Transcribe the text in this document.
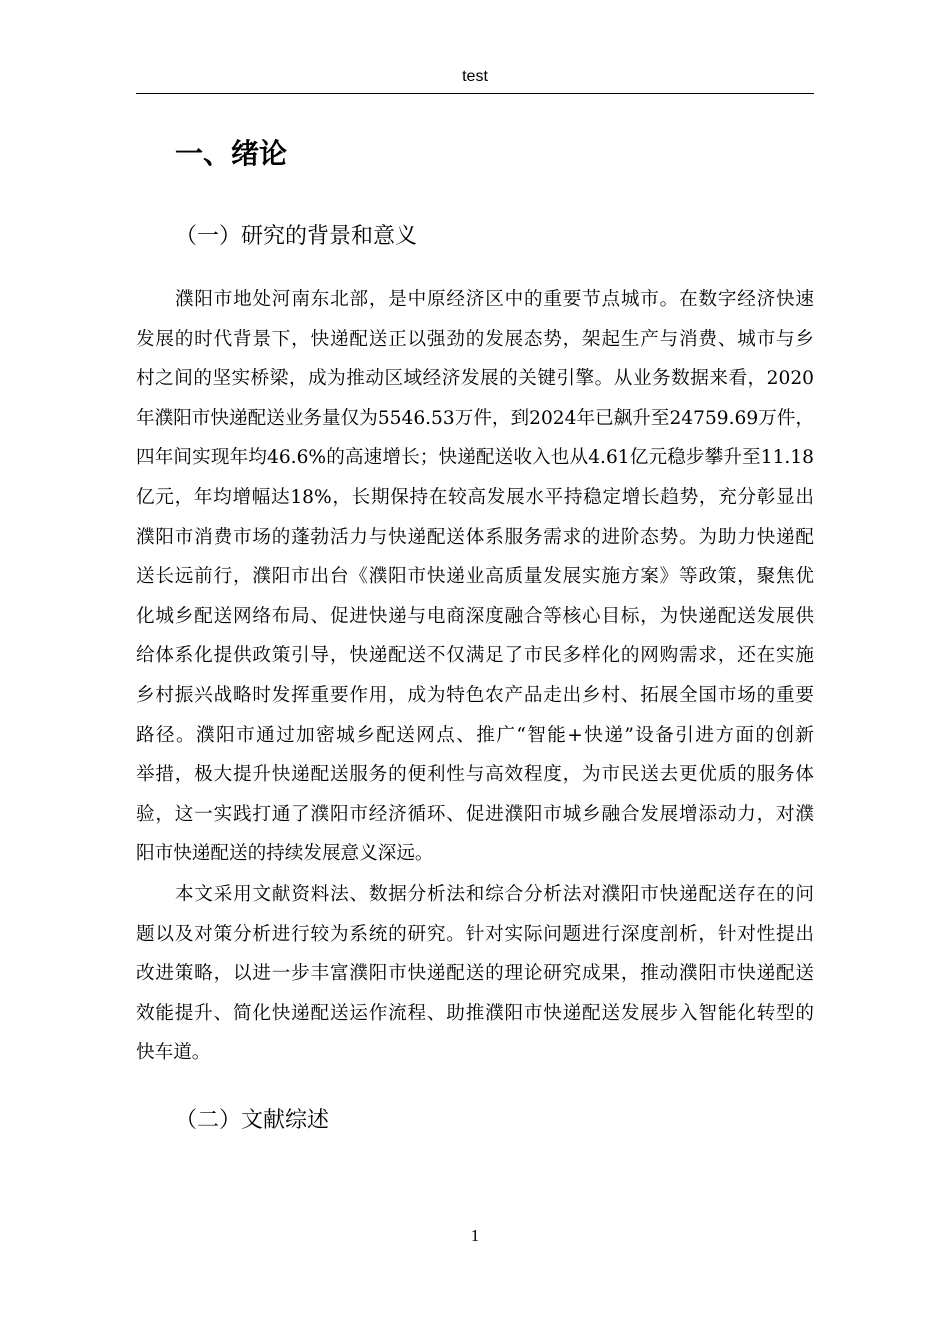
test
一、绪论
（一）研究的背景和意义
濮阳市地处河南东北部，是中原经济区中的重要节点城市。在数字经济快速
发展的时代背景下，快递配送正以强劲的发展态势，架起生产与消费、城市与乡
村之间的坚实桥梁，成为推动区域经济发展的关键引擎。从业务数据来看，2020
年濮阳市快递配送业务量仅为5546.53万件，到2024年已飙升至24759.69万件，
四年间实现年均46.6%的高速增长；快递配送收入也从4.61亿元稳步攀升至11.18
亿元，年均增幅达18%，长期保持在较高发展水平持稳定增长趋势，充分彰显出
濮阳市消费市场的蓬勃活力与快递配送体系服务需求的进阶态势。为助力快递配
送长远前行，濮阳市出台《濮阳市快递业高质量发展实施方案》等政策，聚焦优
化城乡配送网络布局、促进快递与电商深度融合等核心目标，为快递配送发展供
给体系化提供政策引导，快递配送不仅满足了市民多样化的网购需求，还在实施
乡村振兴战略时发挥重要作用，成为特色农产品走出乡村、拓展全国市场的重要
路径。濮阳市通过加密城乡配送网点、推广“智能+快递”设备引进方面的创新
举措，极大提升快递配送服务的便利性与高效程度，为市民送去更优质的服务体
验，这一实践打通了濮阳市经济循环、促进濮阳市城乡融合发展增添动力，对濮
阳市快递配送的持续发展意义深远。
本文采用文献资料法、数据分析法和综合分析法对濮阳市快递配送存在的问
题以及对策分析进行较为系统的研究。针对实际问题进行深度剖析，针对性提出
改进策略，以进一步丰富濮阳市快递配送的理论研究成果，推动濮阳市快递配送
效能提升、简化快递配送运作流程、助推濮阳市快递配送发展步入智能化转型的
快车道。
（二）文献综述
1
